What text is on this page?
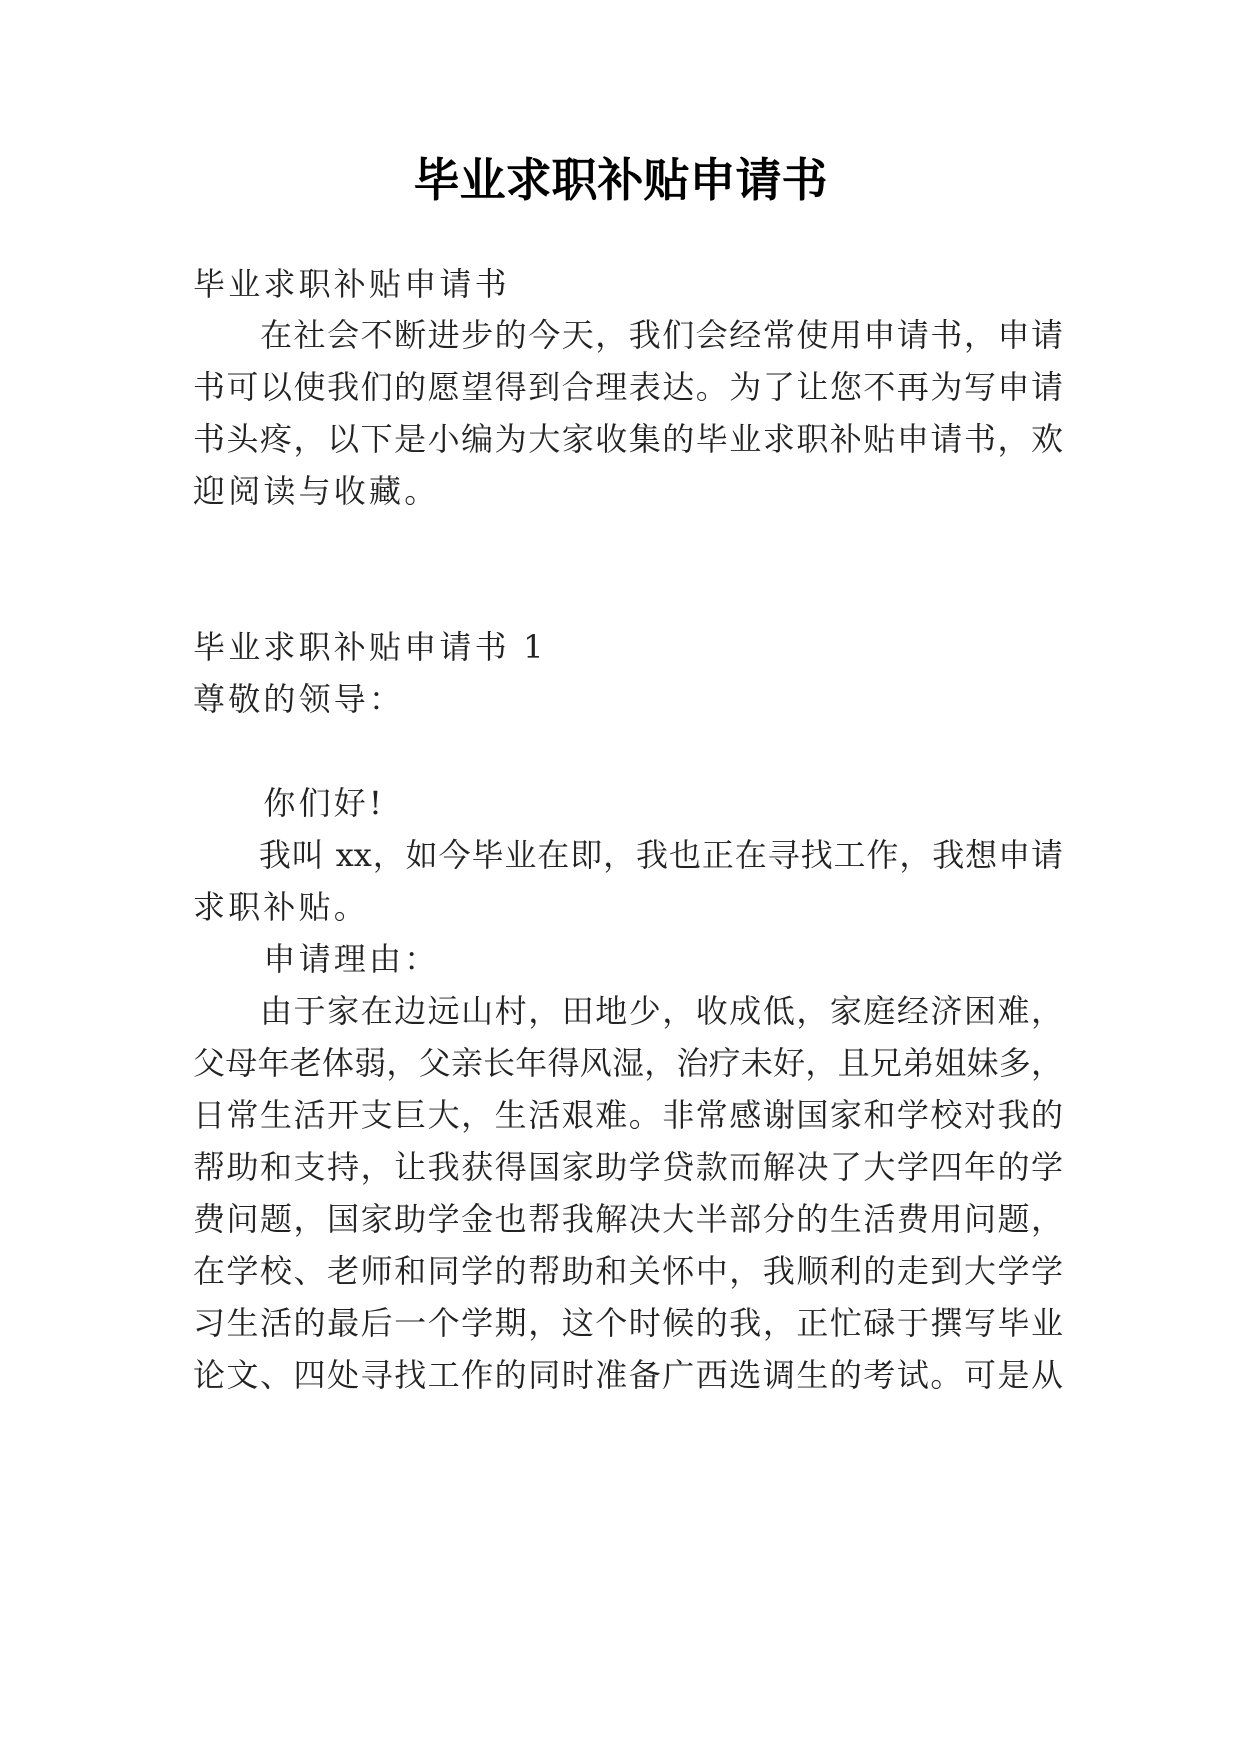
毕业求职补贴申请书
毕业求职补贴申请书
　　在社会不断进步的今天，我们会经常使用申请书，申请
书可以使我们的愿望得到合理表达。为了让您不再为写申请
书头疼，以下是小编为大家收集的毕业求职补贴申请书，欢
迎阅读与收藏。
毕业求职补贴申请书 1
尊敬的领导：
　　你们好!
　　我叫 xx，如今毕业在即，我也正在寻找工作，我想申请
求职补贴。
　　申请理由：
　　由于家在边远山村，田地少，收成低，家庭经济困难，
父母年老体弱，父亲长年得风湿，治疗未好，且兄弟姐妹多，
日常生活开支巨大，生活艰难。非常感谢国家和学校对我的
帮助和支持，让我获得国家助学贷款而解决了大学四年的学
费问题，国家助学金也帮我解决大半部分的生活费用问题，
在学校、老师和同学的帮助和关怀中，我顺利的走到大学学
习生活的最后一个学期，这个时候的我，正忙碌于撰写毕业
论文、四处寻找工作的同时准备广西选调生的考试。可是从
